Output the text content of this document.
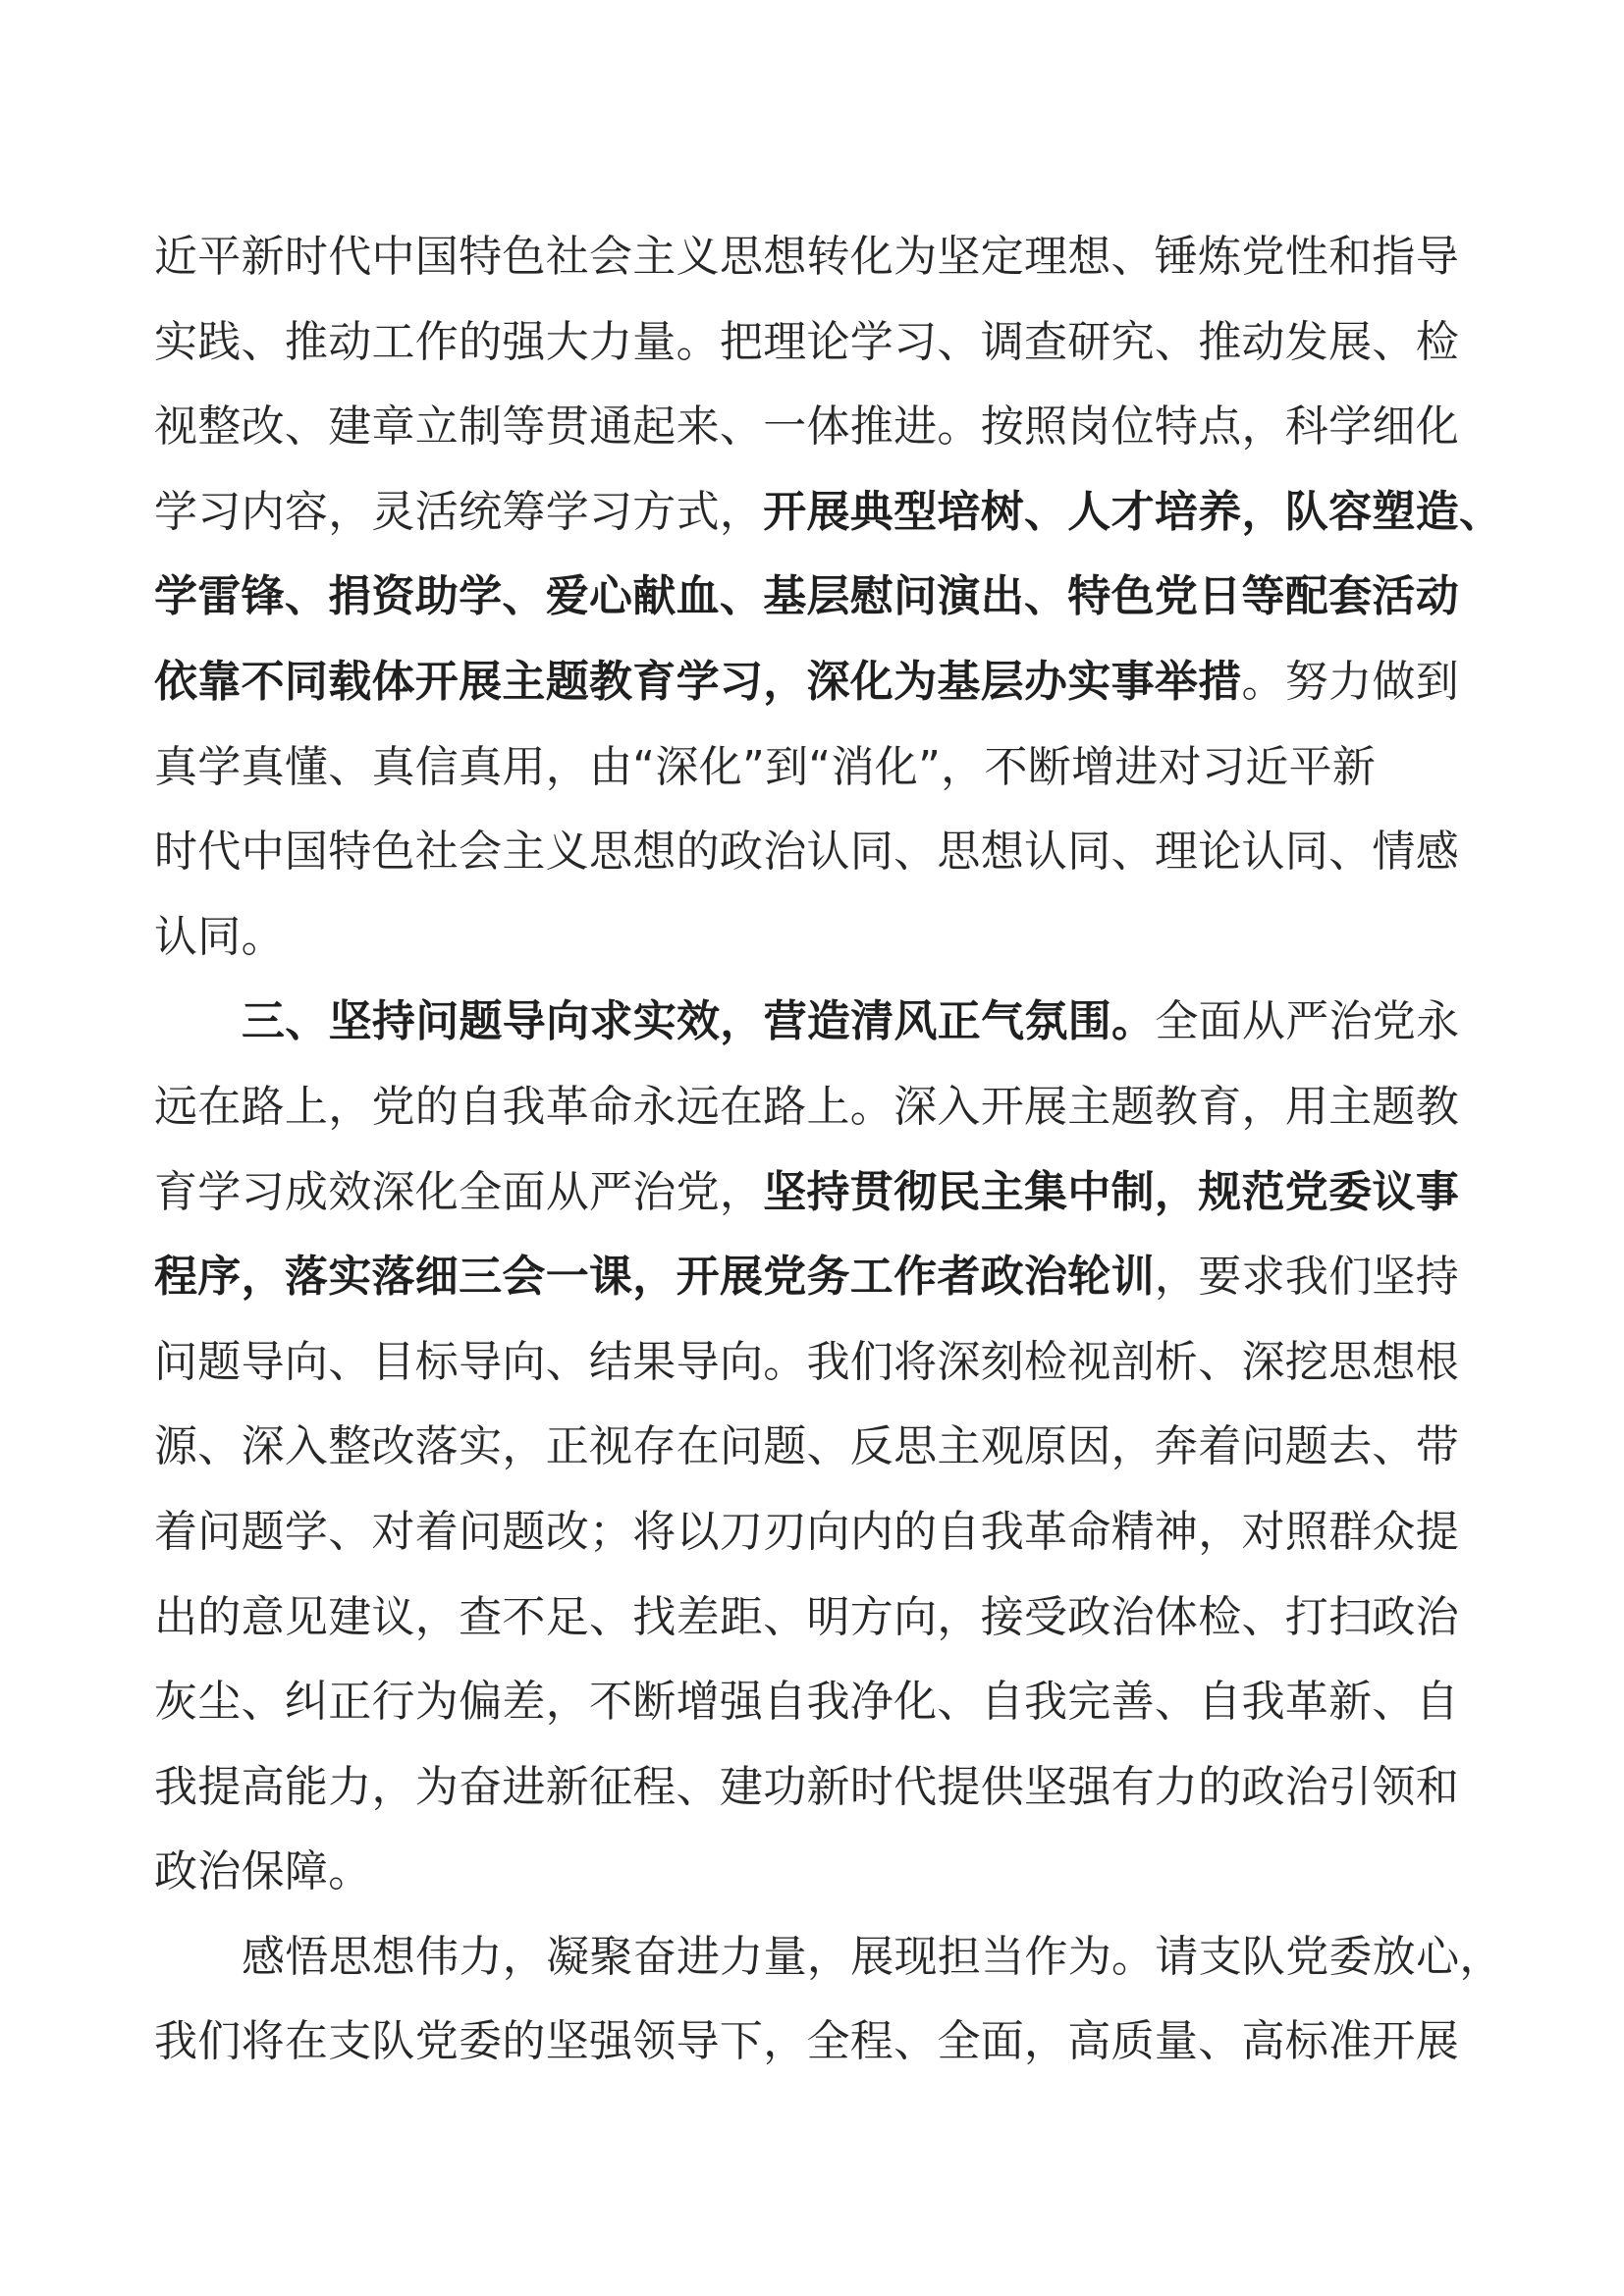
近平新时代中国特色社会主义思想转化为坚定理想、锤炼党性和指导
实践、推动工作的强大力量。把理论学习、调查研究、推动发展、检
视整改、建章立制等贯通起来、一体推进。按照岗位特点，科学细化
学习内容，灵活统筹学习方式，开展典型培树、人才培养，队容塑造、
学雷锋、捐资助学、爱心献血、基层慰问演出、特色党日等配套活动
依靠不同载体开展主题教育学习，深化为基层办实事举措。努力做到
真学真懂、真信真用，由“深化”到“消化”，不断增进对习近平新
时代中国特色社会主义思想的政治认同、思想认同、理论认同、情感
认同。
三、坚持问题导向求实效，营造清风正气氛围。全面从严治党永
远在路上，党的自我革命永远在路上。深入开展主题教育，用主题教
育学习成效深化全面从严治党，坚持贯彻民主集中制，规范党委议事
程序，落实落细三会一课，开展党务工作者政治轮训，要求我们坚持
问题导向、目标导向、结果导向。我们将深刻检视剖析、深挖思想根
源、深入整改落实，正视存在问题、反思主观原因，奔着问题去、带
着问题学、对着问题改；将以刀刃向内的自我革命精神，对照群众提
出的意见建议，查不足、找差距、明方向，接受政治体检、打扫政治
灰尘、纠正行为偏差，不断增强自我净化、自我完善、自我革新、自
我提高能力，为奋进新征程、建功新时代提供坚强有力的政治引领和
政治保障。
感悟思想伟力，凝聚奋进力量，展现担当作为。请支队党委放心，
我们将在支队党委的坚强领导下，全程、全面，高质量、高标准开展
